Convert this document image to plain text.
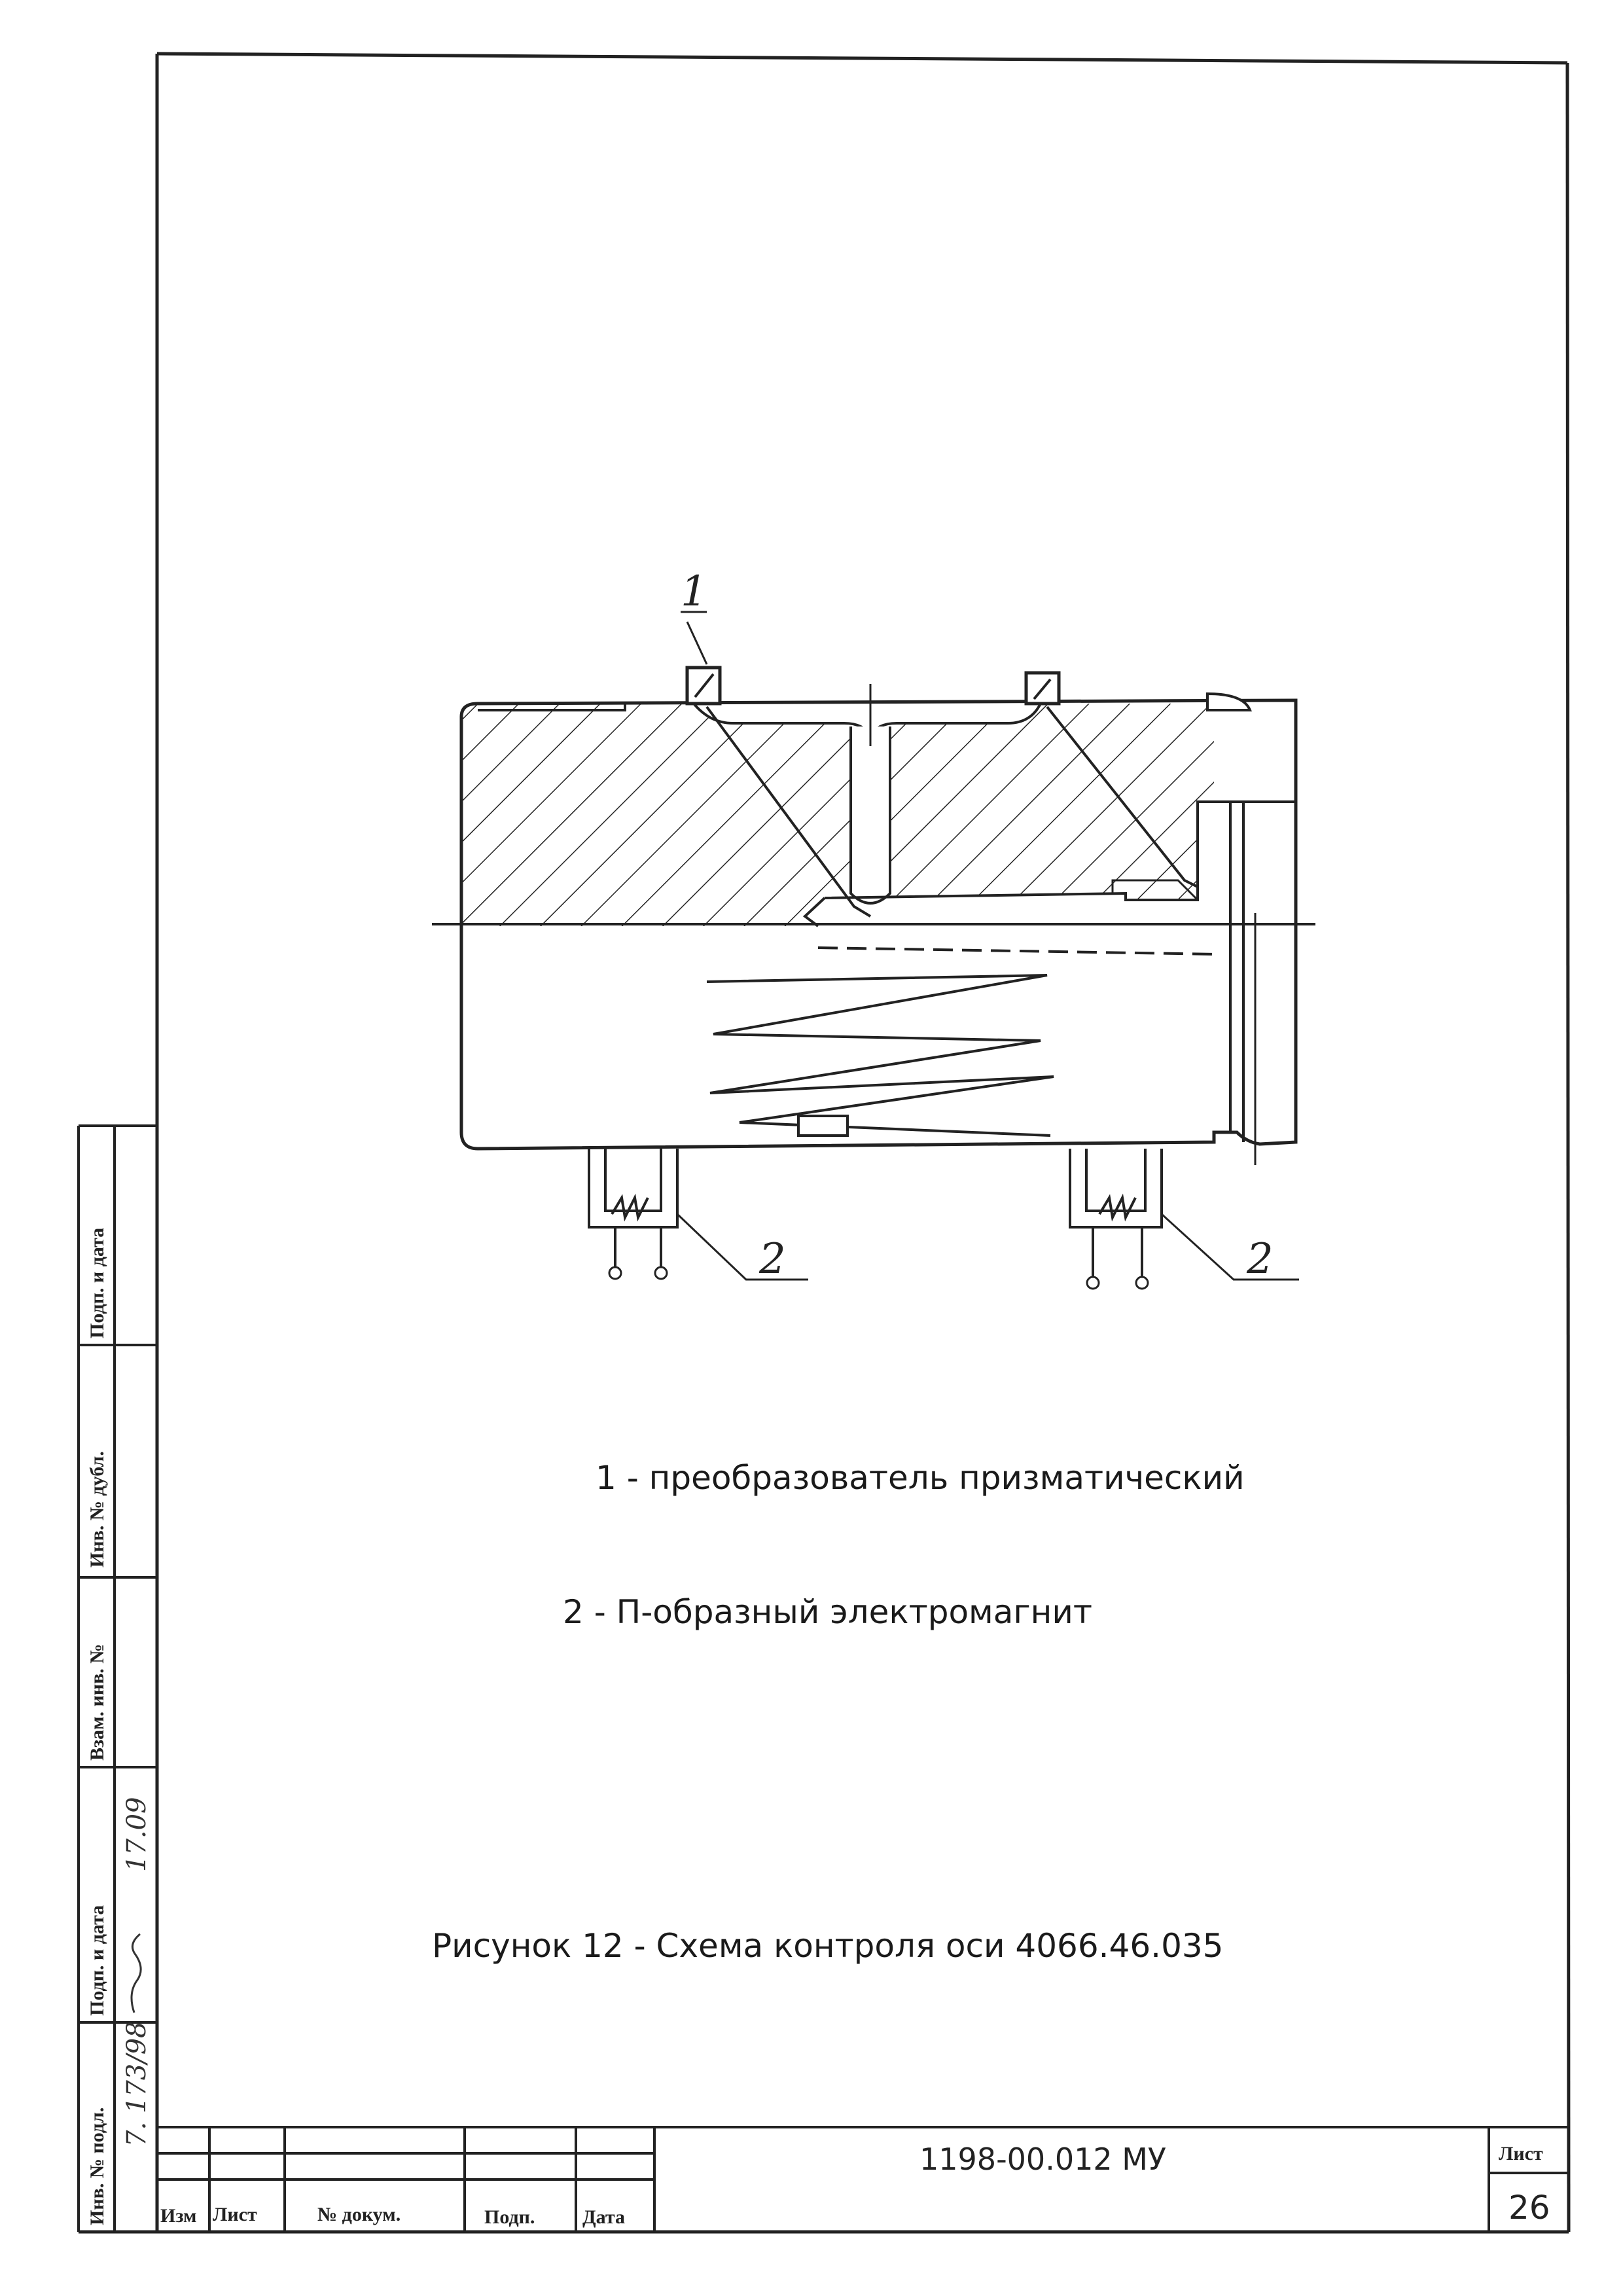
Инв. № подл.
Подп. и дата
Взам. инв. №
Инв. № дубл.
Подп. и дата
7. 173/98
17.09
Изм Лист	№ докум.	Подп. Дата
Лист
1198-00.012 МУ
26
1
2	2
1 - преобразователь призматический
2 - П-образный электромагнит
Рисунок 12 - Схема контроля оси 4066.46.035
